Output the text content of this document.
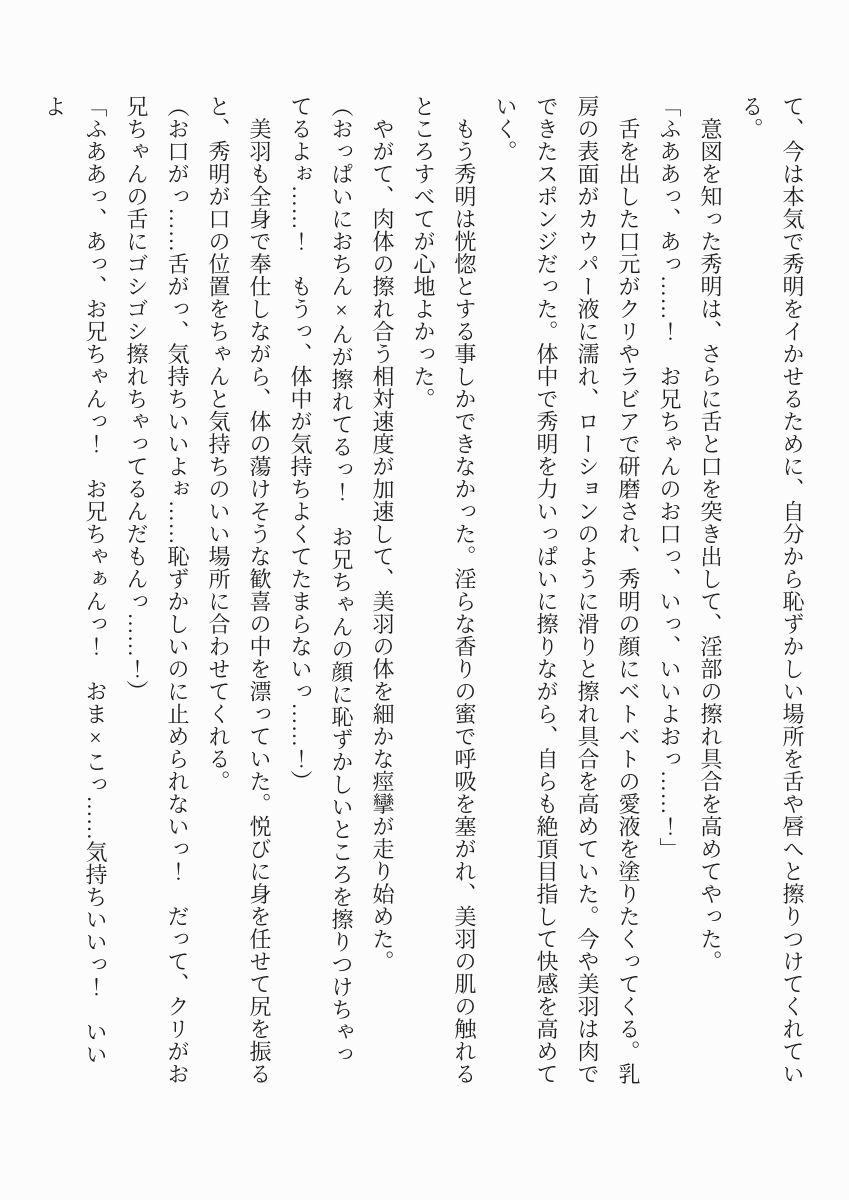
て、今は本気で秀明をイかせるために、自分から恥ずかしい場所を舌や唇へと擦りつけてくれている。

　意図を知った秀明は、さらに舌と口を突き出して、淫部の擦れ具合を高めてやった。

「ふああっ、あっ……！　お兄ちゃんのお口っ、いっ、いいよおっ……！」

　舌を出した口元がクリやラビアで研磨され、秀明の顔にベトベトの愛液を塗りたくってくる。乳房の表面がカウパー液に濡れ、ローションのように滑りと擦れ具合を高めていた。今や美羽は肉でできたスポンジだった。体中で秀明を力いっぱいに擦りながら、自らも絶頂目指して快感を高めていく。

　もう秀明は恍惚とする事しかできなかった。淫らな香りの蜜で呼吸を塞がれ、美羽の肌の触れるところすべてが心地よかった。

　やがて、肉体の擦れ合う相対速度が加速して、美羽の体を細かな痙攣が走り始めた。

（おっぱいにおちん×んが擦れてるっ！　お兄ちゃんの顔に恥ずかしいところを擦りつけちゃってるよぉ……！　もうっ、体中が気持ちよくてたまらないっ……！）

　美羽も全身で奉仕しながら、体の蕩けそうな歓喜の中を漂っていた。悦びに身を任せて尻を振ると、秀明が口の位置をちゃんと気持ちのいい場所に合わせてくれる。

（お口がっ……舌がっ、気持ちいいよぉ……恥ずかしいのに止められないっ！　だって、クリがお兄ちゃんの舌にゴシゴシ擦れちゃってるんだもんっ……！）

「ふああっ、あっ、お兄ちゃんっ！　お兄ちゃぁんっ！　おま×こっ……気持ちいいっ！　いいよ
